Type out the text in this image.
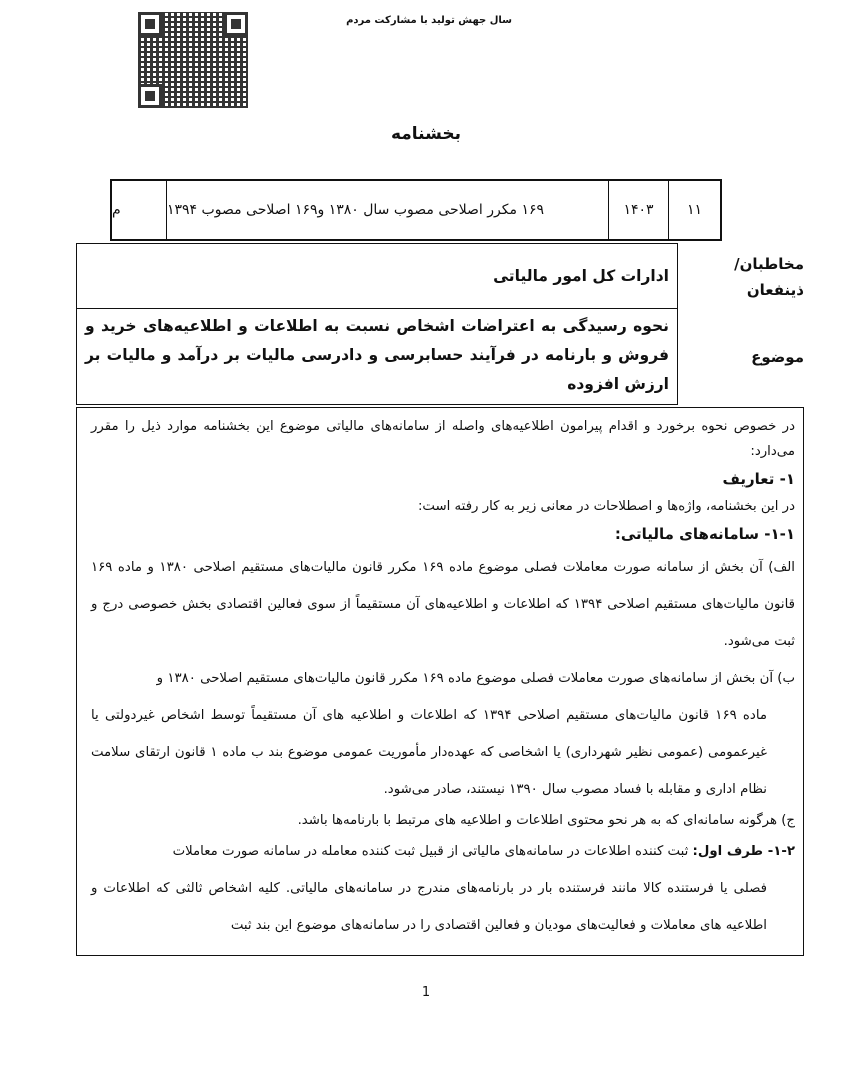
سال جهش تولید با مشارکت مردم
بخشنامه
۱۱
۱۴۰۳
۱۶۹ مکرر اصلاحی مصوب سال ۱۳۸۰ و۱۶۹ اصلاحی مصوب ۱۳۹۴
م
مخاطبان/ ذینفعان
ادارات کل امور مالیاتی
موضوع
نحوه رسیدگی به اعتراضات اشخاص نسبت به اطلاعات و اطلاعیه‌های خرید و فروش و بارنامه در فرآیند حسابرسی و دادرسی مالیات بر درآمد و مالیات بر ارزش افزوده

در خصوص نحوه برخورد و اقدام پیرامون اطلاعیه‌های واصله از سامانه‌های مالیاتی موضوع این بخشنامه موارد ذیل را مقرر می‌دارد:

۱- تعاریف

در این بخشنامه، واژه‌ها و اصطلاحات در معانی زیر به کار رفته است:

۱-۱- سامانه‌های مالیاتی:

الف) آن بخش از سامانه صورت معاملات فصلی موضوع ماده ۱۶۹ مکرر قانون مالیات‌های مستقیم اصلاحی ۱۳۸۰ و ماده ۱۶۹ قانون مالیات‌های مستقیم اصلاحی ۱۳۹۴ که اطلاعات و اطلاعیه‌های آن مستقیماً از سوی فعالین اقتصادی بخش خصوصی درج و ثبت می‌شود.

ب) آن بخش از سامانه‌های صورت معاملات فصلی موضوع ماده ۱۶۹ مکرر قانون مالیات‌های مستقیم اصلاحی ۱۳۸۰ و

ماده ۱۶۹ قانون مالیات‌های مستقیم اصلاحی ۱۳۹۴ که اطلاعات و اطلاعیه های آن مستقیماً توسط اشخاص غیردولتی یا غیرعمومی (عمومی نظیر شهرداری) یا اشخاصی که عهده‌دار مأموریت عمومی موضوع بند ب ماده ۱ قانون ارتقای سلامت نظام اداری و مقابله با فساد مصوب سال ۱۳۹۰ نیستند، صادر می‌شود.

ج) هرگونه سامانه‌ای که به هر نحو محتوی اطلاعات و اطلاعیه های مرتبط با بارنامه‌ها باشد.

۱-۲- طرف اول: ثبت کننده اطلاعات در سامانه‌های مالیاتی از قبیل ثبت کننده معامله در سامانه صورت معاملات

فصلی یا فرستنده کالا مانند فرستنده بار در بارنامه‌های مندرج در سامانه‌های مالیاتی. کلیه اشخاص ثالثی که اطلاعات و اطلاعیه های معاملات و فعالیت‌های مودیان و فعالین اقتصادی را در سامانه‌های موضوع این بند ثبت

1
